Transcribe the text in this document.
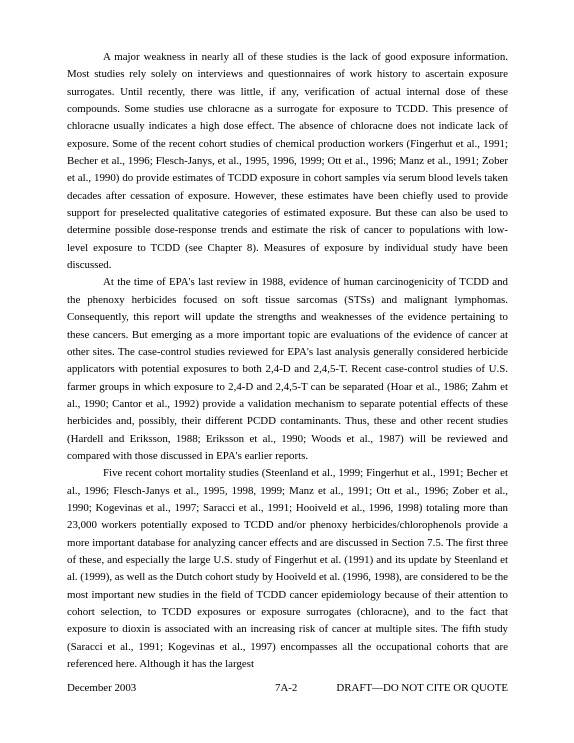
A major weakness in nearly all of these studies is the lack of good exposure information. Most studies rely solely on interviews and questionnaires of work history to ascertain exposure surrogates. Until recently, there was little, if any, verification of actual internal dose of these compounds. Some studies use chloracne as a surrogate for exposure to TCDD. This presence of chloracne usually indicates a high dose effect. The absence of chloracne does not indicate lack of exposure. Some of the recent cohort studies of chemical production workers (Fingerhut et al., 1991; Becher et al., 1996; Flesch-Janys, et al., 1995, 1996, 1999; Ott et al., 1996; Manz et al., 1991; Zober et al., 1990) do provide estimates of TCDD exposure in cohort samples via serum blood levels taken decades after cessation of exposure. However, these estimates have been chiefly used to provide support for preselected qualitative categories of estimated exposure. But these can also be used to determine possible dose-response trends and estimate the risk of cancer to populations with low-level exposure to TCDD (see Chapter 8). Measures of exposure by individual study have been discussed.

At the time of EPA's last review in 1988, evidence of human carcinogenicity of TCDD and the phenoxy herbicides focused on soft tissue sarcomas (STSs) and malignant lymphomas. Consequently, this report will update the strengths and weaknesses of the evidence pertaining to these cancers. But emerging as a more important topic are evaluations of the evidence of cancer at other sites. The case-control studies reviewed for EPA's last analysis generally considered herbicide applicators with potential exposures to both 2,4-D and 2,4,5-T. Recent case-control studies of U.S. farmer groups in which exposure to 2,4-D and 2,4,5-T can be separated (Hoar et al., 1986; Zahm et al., 1990; Cantor et al., 1992) provide a validation mechanism to separate potential effects of these herbicides and, possibly, their different PCDD contaminants. Thus, these and other recent studies (Hardell and Eriksson, 1988; Eriksson et al., 1990; Woods et al., 1987) will be reviewed and compared with those discussed in EPA's earlier reports.

Five recent cohort mortality studies (Steenland et al., 1999; Fingerhut et al., 1991; Becher et al., 1996; Flesch-Janys et al., 1995, 1998, 1999; Manz et al., 1991; Ott et al., 1996; Zober et al., 1990; Kogevinas et al., 1997; Saracci et al., 1991; Hooiveld et al., 1996, 1998) totaling more than 23,000 workers potentially exposed to TCDD and/or phenoxy herbicides/chlorophenols provide a more important database for analyzing cancer effects and are discussed in Section 7.5. The first three of these, and especially the large U.S. study of Fingerhut et al. (1991) and its update by Steenland et al. (1999), as well as the Dutch cohort study by Hooiveld et al. (1996, 1998), are considered to be the most important new studies in the field of TCDD cancer epidemiology because of their attention to cohort selection, to TCDD exposures or exposure surrogates (chloracne), and to the fact that exposure to dioxin is associated with an increasing risk of cancer at multiple sites. The fifth study (Saracci et al., 1991; Kogevinas et al., 1997) encompasses all the occupational cohorts that are referenced here. Although it has the largest

December 2003	7A-2	DRAFT—DO NOT CITE OR QUOTE
